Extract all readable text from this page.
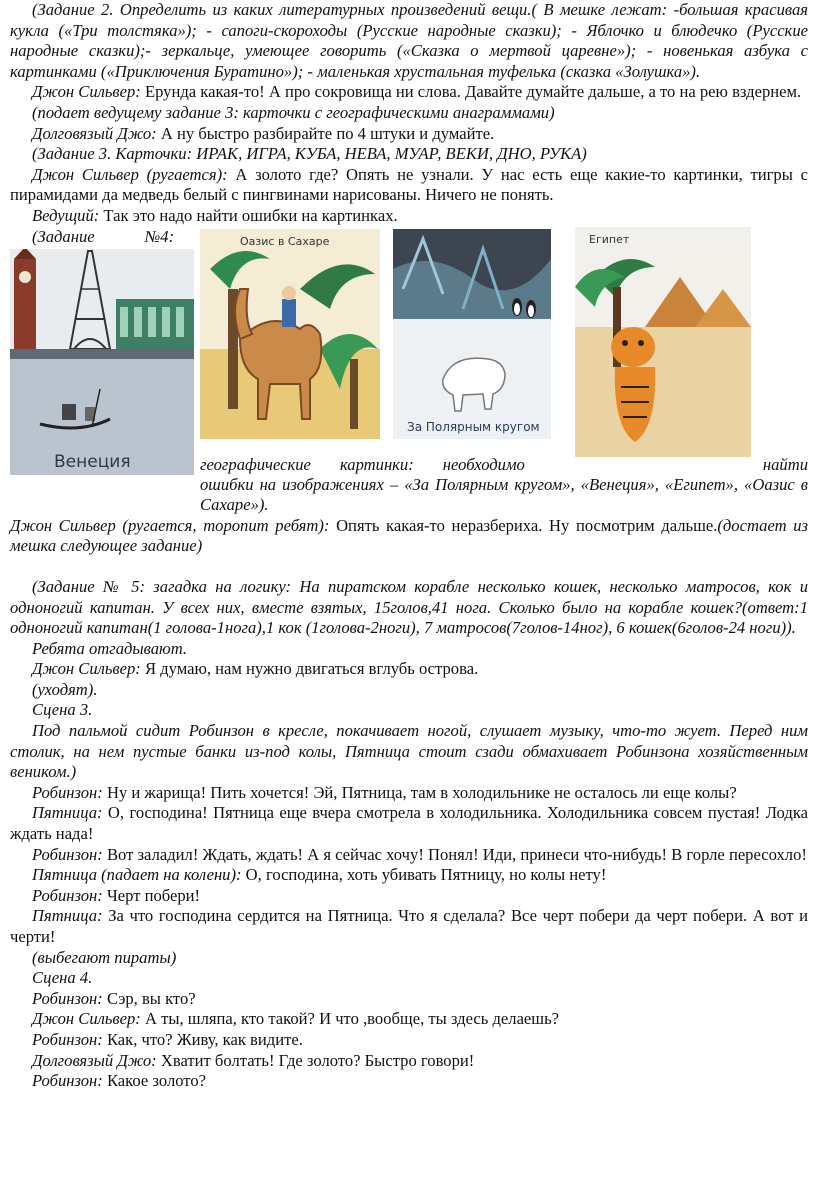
(Задание 2. Определить из каких литературных произведений вещи.( В мешке лежат: -большая красивая кукла («Три толстяка»); - сапоги-скороходы (Русские народные сказки); - Яблочко и блюдечко (Русские народные сказки);- зеркальце, умеющее говорить («Сказка о мертвой царевне»); - новенькая азбука с картинками («Приключения Буратино»); - маленькая хрустальная туфелька (сказка «Золушка»).

Джон Сильвер: Ерунда какая-то! А про сокровища ни слова. Давайте думайте дальше, а то на рею вздернем.

(подает ведущему задание 3: карточки с географическими анаграммами)

Долговязый Джо: А ну быстро разбирайте по 4 штуки и думайте.

(Задание 3. Карточки: ИРАК, ИГРА, КУБА, НЕВА, МУАР, ВЕКИ, ДНО, РУКА)

Джон Сильвер (ругается): А золото где? Опять не узнали. У нас есть еще какие-то картинки, тигры с пирамидами да медведь белый с пингвинами нарисованы. Ничего не понять.

Ведущий: Так это надо найти ошибки на картинках.

(Задание	№4:
Венеция
Оазис в Сахаре
За Полярным кругом
Египет
географические картинки: необходимо	найти

ошибки на изображениях – «За Полярным кругом», «Венеция», «Египет», «Оазис в Сахаре»).

Джон Сильвер (ругается, торопит ребят): Опять какая-то неразбериха. Ну посмотрим дальше.(достает из мешка следующее задание)

(Задание № 5: загадка на логику: На пиратском корабле несколько кошек, несколько матросов, кок и одноногий капитан. У всех них, вместе взятых, 15голов,41 нога. Сколько было на корабле кошек?(ответ:1 одноногий капитан(1 голова-1нога),1 кок (1голова-2ноги), 7 матросов(7голов-14ног), 6 кошек(6голов-24 ноги)).

Ребята отгадывают.

Джон Сильвер: Я думаю, нам нужно двигаться вглубь острова.

(уходят).

Сцена 3.

Под пальмой сидит Робинзон в кресле, покачивает ногой, слушает музыку, что-то жует. Перед ним столик, на нем пустые банки из-под колы, Пятница стоит сзади обмахивает Робинзона хозяйственным веником.)

Робинзон: Ну и жарища! Пить хочется! Эй, Пятница, там в холодильнике не осталось ли еще колы?

Пятница: О, господина! Пятница еще вчера смотрела в холодильника. Холодильника совсем пустая! Лодка ждать нада!

Робинзон: Вот заладил! Ждать, ждать! А я сейчас хочу! Понял! Иди, принеси что-нибудь! В горле пересохло!

Пятница (падает на колени): О, господина, хоть убивать Пятницу, но колы нету!

Робинзон: Черт побери!

Пятница: За что господина сердится на Пятница. Что я сделала? Все черт побери да черт побери. А вот и черти!

(выбегают пираты)

Сцена 4.

Робинзон: Сэр, вы кто?

Джон Сильвер: А ты, шляпа, кто такой? И что ,вообще, ты здесь делаешь?

Робинзон: Как, что? Живу, как видите.

Долговязый Джо: Хватит болтать! Где золото? Быстро говори!

Робинзон: Какое золото?
